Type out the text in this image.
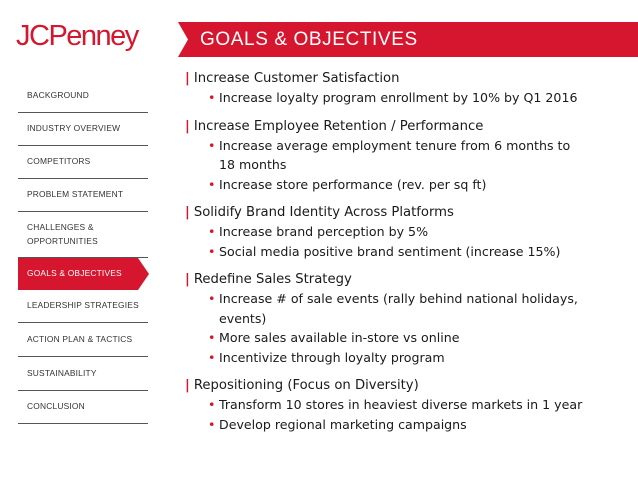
JCPenney	GOALS & OBJECTIVES
BACKGROUND
INDUSTRY OVERVIEW
COMPETITORS
PROBLEM STATEMENT
CHALLENGES & OPPORTUNITIES
GOALS & OBJECTIVES
LEADERSHIP STRATEGIES
ACTION PLAN & TACTICS
SUSTAINABILITY
CONCLUSION
| Increase Customer Satisfaction
• Increase loyalty program enrollment by 10% by Q1 2016
| Increase Employee Retention / Performance
• Increase average employment tenure from 6 months to 18 months
• Increase store performance (rev. per sq ft)
| Solidify Brand Identity Across Platforms
• Increase brand perception by 5%
• Social media positive brand sentiment (increase 15%)
| Redefine Sales Strategy
• Increase # of sale events (rally behind national holidays, events)
• More sales available in-store vs online
• Incentivize through loyalty program
| Repositioning (Focus on Diversity)
• Transform 10 stores in heaviest diverse markets in 1 year
• Develop regional marketing campaigns
